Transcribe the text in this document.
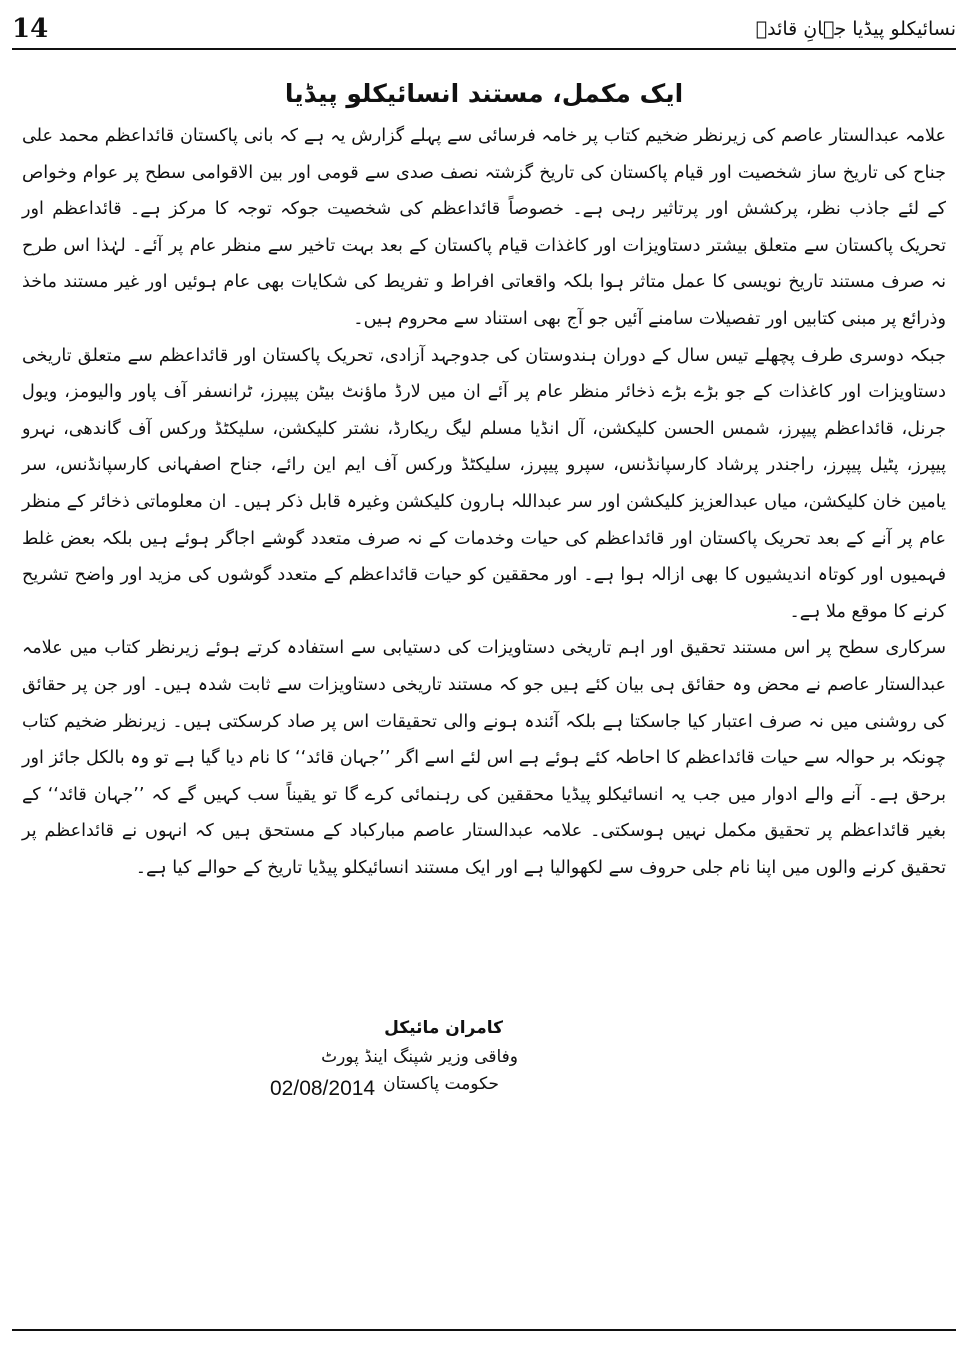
14	نسائیکلو پیڈیا جہانِ قائدؒ
ایک مکمل، مستند انسائیکلو پیڈیا

علامہ عبدالستار عاصم کی زیرنظر ضخیم کتاب پر خامہ فرسائی سے پہلے گزارش یہ ہے کہ بانی پاکستان قائداعظم محمد علی جناح کی تاریخ ساز شخصیت اور قیام پاکستان کی تاریخ گزشتہ نصف صدی سے قومی اور بین الاقوامی سطح پر عوام وخواص کے لئے جاذب نظر، پرکشش اور پرتاثیر رہی ہے۔ خصوصاً قائداعظم کی شخصیت جوکہ توجہ کا مرکز ہے۔ قائداعظم اور تحریک پاکستان سے متعلق بیشتر دستاویزات اور کاغذات قیام پاکستان کے بعد بہت تاخیر سے منظر عام پر آئے۔ لہٰذا اس طرح نہ صرف مستند تاریخ نویسی کا عمل متاثر ہوا بلکہ واقعاتی افراط و تفریط کی شکایات بھی عام ہوئیں اور غیر مستند ماخذ وذرائع پر مبنی کتابیں اور تفصیلات سامنے آئیں جو آج بھی استناد سے محروم ہیں۔

جبکہ دوسری طرف پچھلے تیس سال کے دوران ہندوستان کی جدوجہد آزادی، تحریک پاکستان اور قائداعظم سے متعلق تاریخی دستاویزات اور کاغذات کے جو بڑے بڑے ذخائر منظر عام پر آئے ان میں لارڈ ماؤنٹ بیٹن پیپرز، ٹرانسفر آف پاور والیومز، ویول جرنل، قائداعظم پیپرز، شمس الحسن کلیکشن، آل انڈیا مسلم لیگ ریکارڈ، نشتر کلیکشن، سلیکٹڈ ورکس آف گاندھی، نہرو پیپرز، پٹیل پیپرز، راجندر پرشاد کارسپانڈنس، سپرو پیپرز، سلیکٹڈ ورکس آف ایم این رائے، جناح اصفہانی کارسپانڈنس، سر یامین خان کلیکشن، میاں عبدالعزیز کلیکشن اور سر عبداللہ ہارون کلیکشن وغیرہ قابل ذکر ہیں۔ ان معلوماتی ذخائر کے منظر عام پر آنے کے بعد تحریک پاکستان اور قائداعظم کی حیات وخدمات کے نہ صرف متعدد گوشے اجاگر ہوئے ہیں بلکہ بعض غلط فہمیوں اور کوتاہ اندیشیوں کا بھی ازالہ ہوا ہے۔ اور محققین کو حیات قائداعظم کے متعدد گوشوں کی مزید اور واضح تشریح کرنے کا موقع ملا ہے۔

سرکاری سطح پر اس مستند تحقیق اور اہم تاریخی دستاویزات کی دستیابی سے استفادہ کرتے ہوئے زیرنظر کتاب میں علامہ عبدالستار عاصم نے محض وہ حقائق ہی بیان کئے ہیں جو کہ مستند تاریخی دستاویزات سے ثابت شدہ ہیں۔ اور جن پر حقائق کی روشنی میں نہ صرف اعتبار کیا جاسکتا ہے بلکہ آئندہ ہونے والی تحقیقات اس پر صاد کرسکتی ہیں۔ زیرنظر ضخیم کتاب چونکہ بر حوالہ سے حیات قائداعظم کا احاطہ کئے ہوئے ہے اس لئے اسے اگر ’’جہان قائد‘‘ کا نام دیا گیا ہے تو وہ بالکل جائز اور برحق ہے۔ آنے والے ادوار میں جب یہ انسائیکلو پیڈیا محققین کی رہنمائی کرے گا تو یقیناً سب کہیں گے کہ ’’جہان قائد‘‘ کے بغیر قائداعظم پر تحقیق مکمل نہیں ہوسکتی۔ علامہ عبدالستار عاصم مبارکباد کے مستحق ہیں کہ انہوں نے قائداعظم پر تحقیق کرنے والوں میں اپنا نام جلی حروف سے لکھوالیا ہے اور ایک مستند انسائیکلو پیڈیا تاریخ کے حوالے کیا ہے۔

کامران مائیکل
وفاقی وزیر شپنگ اینڈ پورٹ
حکومت پاکستان
02/08/2014
